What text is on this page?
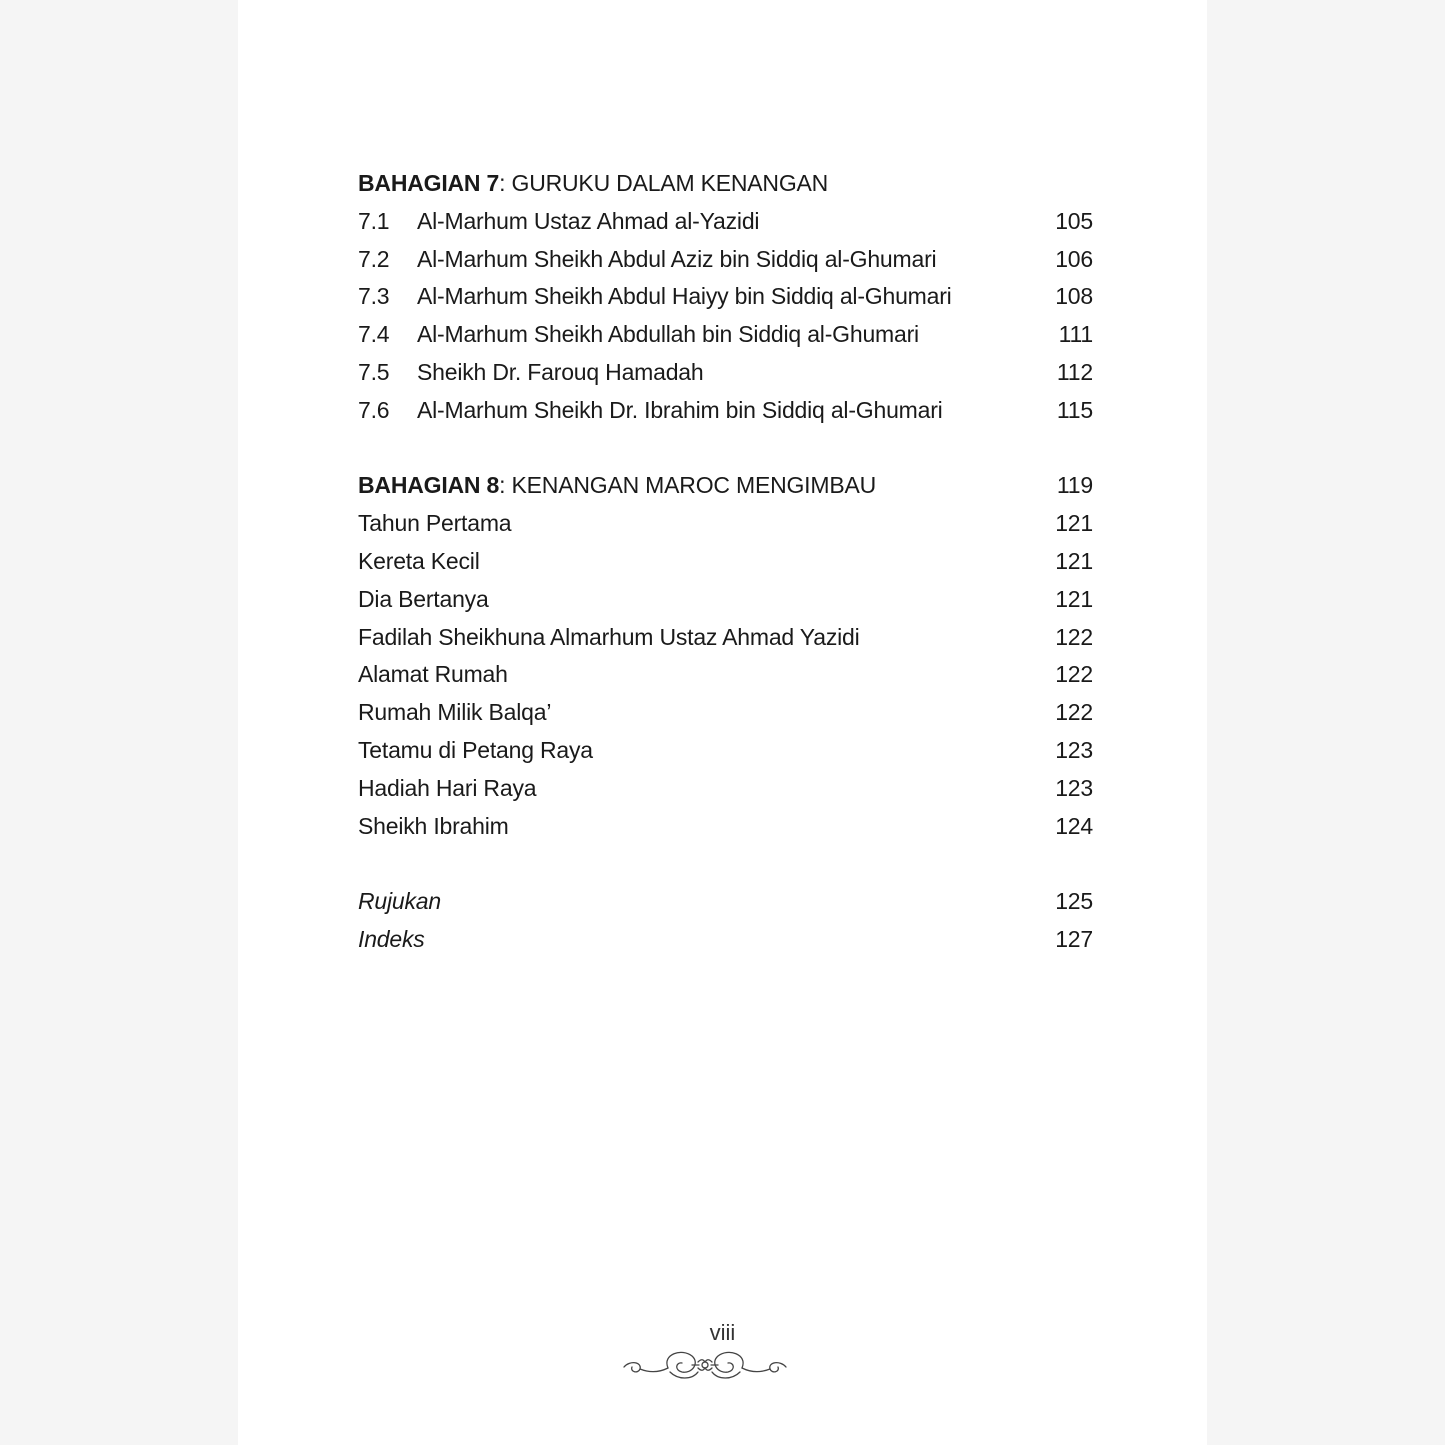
BAHAGIAN 7: GURUKU DALAM KENANGAN
7.1	Al-Marhum Ustaz Ahmad al-Yazidi	105
7.2	Al-Marhum Sheikh Abdul Aziz bin Siddiq al-Ghumari	106
7.3	Al-Marhum Sheikh Abdul Haiyy bin Siddiq al-Ghumari	108
7.4	Al-Marhum Sheikh Abdullah bin Siddiq al-Ghumari	111
7.5	Sheikh Dr. Farouq Hamadah	112
7.6	Al-Marhum Sheikh Dr. Ibrahim bin Siddiq al-Ghumari	115
BAHAGIAN 8: KENANGAN MAROC MENGIMBAU	119
Tahun Pertama	121
Kereta Kecil	121
Dia Bertanya	121
Fadilah Sheikhuna Almarhum Ustaz Ahmad Yazidi	122
Alamat Rumah	122
Rumah Milik Balqa’	122
Tetamu di Petang Raya	123
Hadiah Hari Raya	123
Sheikh Ibrahim	124
Rujukan	125
Indeks	127
viii
